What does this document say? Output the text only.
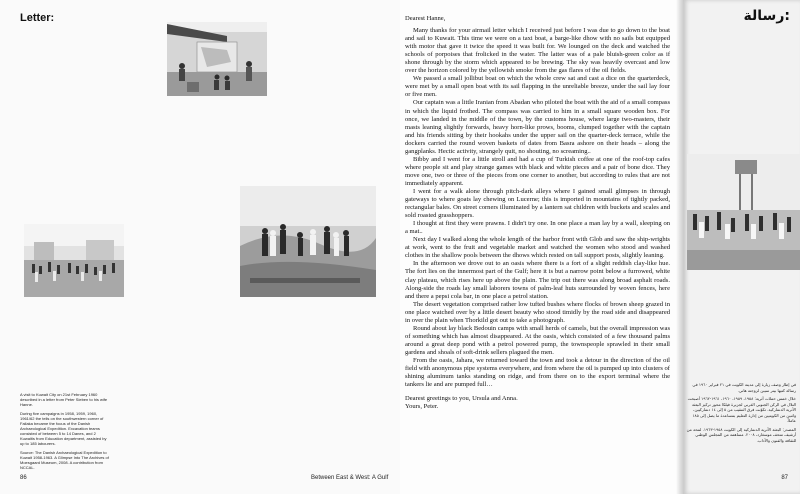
Letter:
A visit to Kuwait City on 21st February 1960 described in a letter from Peter Sieben to his wife Hanne.
During five campaigns in 1958, 1959, 1960, 1961/62 the tells on the southwestern corner of Failaka became the focus of the Danish Archaeological Expedition. Excavation teams consisted of between 5 to 14 Danes, and 2 Kuwaitis from Education department, assisted by up to 185 labourers.
Source: The Danish Archaeological Expedition to Kuwait 1958-1963. A Glimpse Into The Archives of Moesgaard Museum, 2008. A contribution from NCCAL.
86	Between East & West: A Gulf

Dearest Hanne,

Many thanks for your airmail letter which I received just before I was due to go down to the boat and sail to Kuwait. This time we were on a taxi boat, a barge-like dhow with no sails but equipped with motor that gave it twice the speed it was built for. We lounged on the deck and watched the schools of porpoises that frolicked in the water. The latter was of a pale bluish-green color as if shone through by the storm which appeared to be brewing. The sky was heavily overcast and low over the horizon colored by the yellowish smoke from the gas flares of the oil fields.

We passed a small jollibut boat on which the whole crew sat and cast a dice on the quarterdeck, were met by a small open boat with its sail flapping in the unreliable breeze, under the sail lay four or five men.

Our captain was a little Iranian from Abadan who piloted the boat with the aid of a small compass in which the liquid frothed. The compass was carried to him in a small square wooden box. For once, we landed in the middle of the town, by the customs house, where large two-masters, their masts leaning slightly forwards, heavy horn-like prows, booms, clumped together with the captain and his friends sitting by their hookahs under the upper sail on the quarter-deck terrace, while the dockers carried the round woven baskets of dates from Basra ashore on their heads – along the gangplanks. Hectic activity, strangely quit, no shouting, no screaming..

Bibby and I went for a little stroll and had a cup of Turkish coffee at one of the roof-top cafes where people sit and play strange games with black and white pieces and a pair of bone dice. They move one, two or three of the pieces from one corner to another, but according to rules that are not immediately apparent.

I went for a walk alone through pitch-dark alleys where I gained small glimpses in through gateways to where goats lay chewing on Lucerne; this is imported in mountains of tightly packed, rectangular bales. On street corners illuminated by a lantern sat children with buckets and scales and sold roasted grasshoppers.

I thought at first they were prawns. I didn't try one. In one place a man lay by a wall, sleeping on a mat..

Next day I walked along the whole length of the harbor front with Glob and saw the ship-wrights at work, went to the fruit and vegetable market and watched the women who stood and washed clothes in the shallow pools between the dhows which rested on tall support posts, slightly leaning.

In the afternoon we drove out to an oasis where there is a fort of a slight reddish clay-like hue. The fort lies on the innermost part of the Gulf; here it is but a narrow point below a furrowed, white clay plateau, which rises here up above the plain. The trip out there was along broad asphalt roads. Along-side the roads lay small laborers towns of palm-leaf huts surrounded by woven fences, here and there a pepsi cola bar, in one place a petrol station.

The desert vegetation comprised rather low tufted bushes where flocks of brown sheep grazed in one place watched over by a little desert beauty who stood timidly by the road side and disappeared in over the plain when Thorkild got out to take a photograph.

Round about lay black Bedouin camps with small herds of camels, but the overall impression was of something which has almost disappeared. At the oasis, which consisted of a few thousand palms around a great deep pond with a petrol powered pump, the townspeople sprawled in their small gardens and shoals of soft-drink sellers plagued the men.

From the oasis, Jahara, we returned toward the town and took a detour in the direction of the oil field with anonymous pipe systems everywhere, and from where the oil is pumped up into clusters of shining aluminum tanks standing on ridge, and from there on to the export terminal where the tankers lie and are pumped full…

Dearest greetings to you, Ursula and Anna.

Yours, Peter.

رسالة:

في إطار وصف زيارة إلى مدينة الكويت في ٢١ فبراير ١٩٦٠ في رسالة كتبها بيتر سيبن لزوجته هاني.

خلال خمس حملات أثرية: ١٩٥٨، ١٩٥٩، ١٩٦٠، ١٩٦١-١٩٦٢ أصبحت التلال في الركن الجنوبي الغربي لجزيرة فيلكا محور تركيز البعثة الأثرية الدنماركية. تكوّنت فرق التنقيب من ٥ إلى ١٤ دنماركيين، واثنين من الكويتيين من إدارة التعليم بمساعدة ما يصل إلى ١٨٥ عاملاً.

المصدر: البعثة الأثرية الدنماركية إلى الكويت ١٩٥٨-١٩٦٣. لمحة من أرشيف متحف موسغارد، ٢٠٠٨. مساهمة من المجلس الوطني للثقافة والفنون والآداب.

87
